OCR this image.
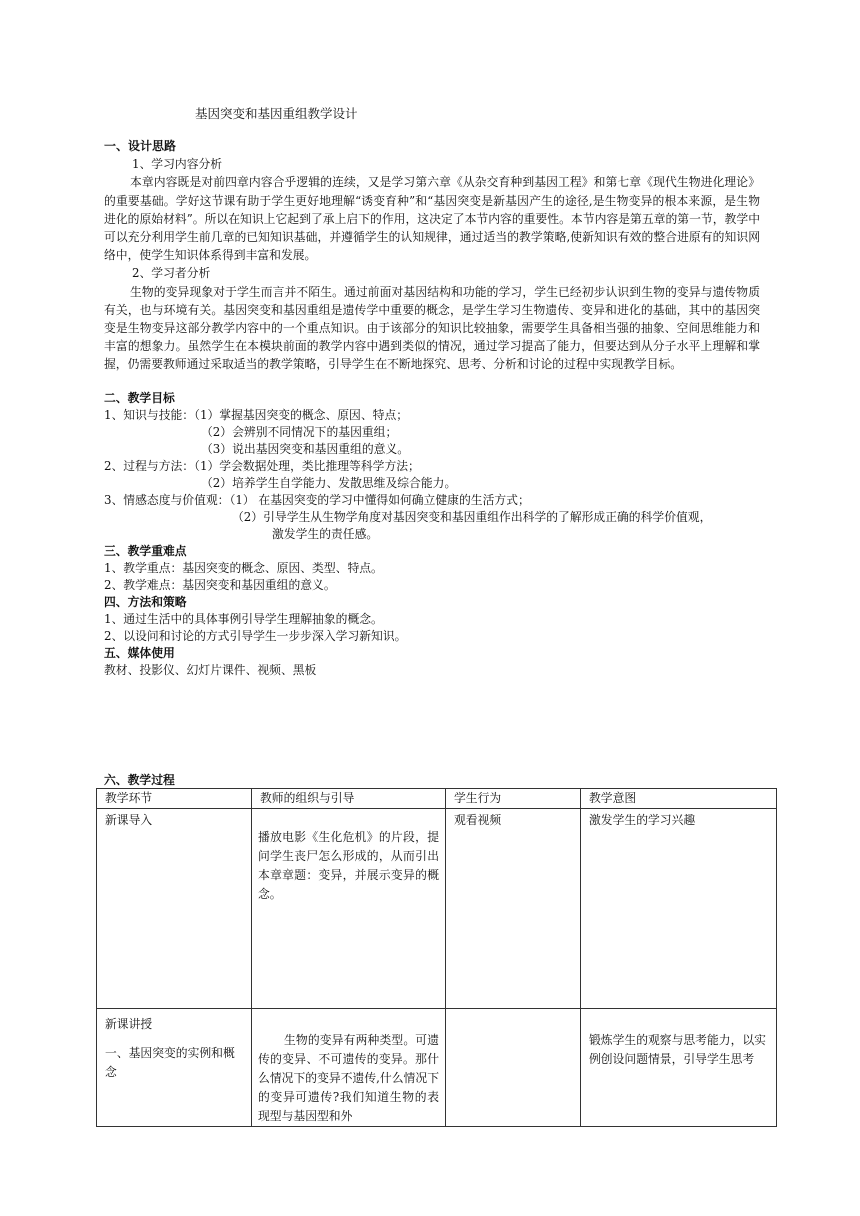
基因突变和基因重组教学设计
一、设计思路
1、学习内容分析
本章内容既是对前四章内容合乎逻辑的连续，又是学习第六章《从杂交育种到基因工程》和第七章《现代生物进化理论》的重要基础。学好这节课有助于学生更好地理解“诱变育种”和“基因突变是新基因产生的途径,是生物变异的根本来源，是生物进化的原始材料”。所以在知识上它起到了承上启下的作用，这决定了本节内容的重要性。本节内容是第五章的第一节，教学中可以充分利用学生前几章的已知知识基础，并遵循学生的认知规律，通过适当的教学策略,使新知识有效的整合进原有的知识网络中，使学生知识体系得到丰富和发展。
2、学习者分析
生物的变异现象对于学生而言并不陌生。通过前面对基因结构和功能的学习，学生已经初步认识到生物的变异与遗传物质有关，也与环境有关。基因突变和基因重组是遗传学中重要的概念，是学生学习生物遗传、变异和进化的基础，其中的基因突变是生物变异这部分教学内容中的一个重点知识。由于该部分的知识比较抽象，需要学生具备相当强的抽象、空间思维能力和丰富的想象力。虽然学生在本模块前面的教学内容中遇到类似的情况，通过学习提高了能力，但要达到从分子水平上理解和掌握，仍需要教师通过采取适当的教学策略，引导学生在不断地探究、思考、分析和讨论的过程中实现教学目标。
二、教学目标
1、知识与技能：（1）掌握基因突变的概念、原因、特点；
（2）会辨别不同情况下的基因重组；
（3）说出基因突变和基因重组的意义。
2、过程与方法：（1）学会数据处理，类比推理等科学方法；
（2）培养学生自学能力、发散思维及综合能力。
3、情感态度与价值观：（1） 在基因突变的学习中懂得如何确立健康的生活方式；
（2）引导学生从生物学角度对基因突变和基因重组作出科学的了解形成正确的科学价值观，
激发学生的责任感。
三、教学重难点
1、教学重点：基因突变的概念、原因、类型、特点。
2、教学难点：基因突变和基因重组的意义。
四、方法和策略
1、通过生活中的具体事例引导学生理解抽象的概念。
2、以设问和讨论的方式引导学生一步步深入学习新知识。
五、媒体使用
教材、投影仪、幻灯片课件、视频、黑板
六、教学过程
教学环节	教师的组织与引导	学生行为	教学意图

新课导入	播放电影《生化危机》的片段，提问学生丧尸怎么形成的，从而引出本章章题：变异，并展示变异的概念。	观看视频	激发学生的学习兴趣

新课讲授
一、基因突变的实例和概念	生物的变异有两种类型。可遗传的变异、不可遗传的变异。那什么情况下的变异不遗传,什么情况下的变异可遗传?我们知道生物的表现型与基因型和外		锻炼学生的观察与思考能力，以实例创设问题情景，引导学生思考
